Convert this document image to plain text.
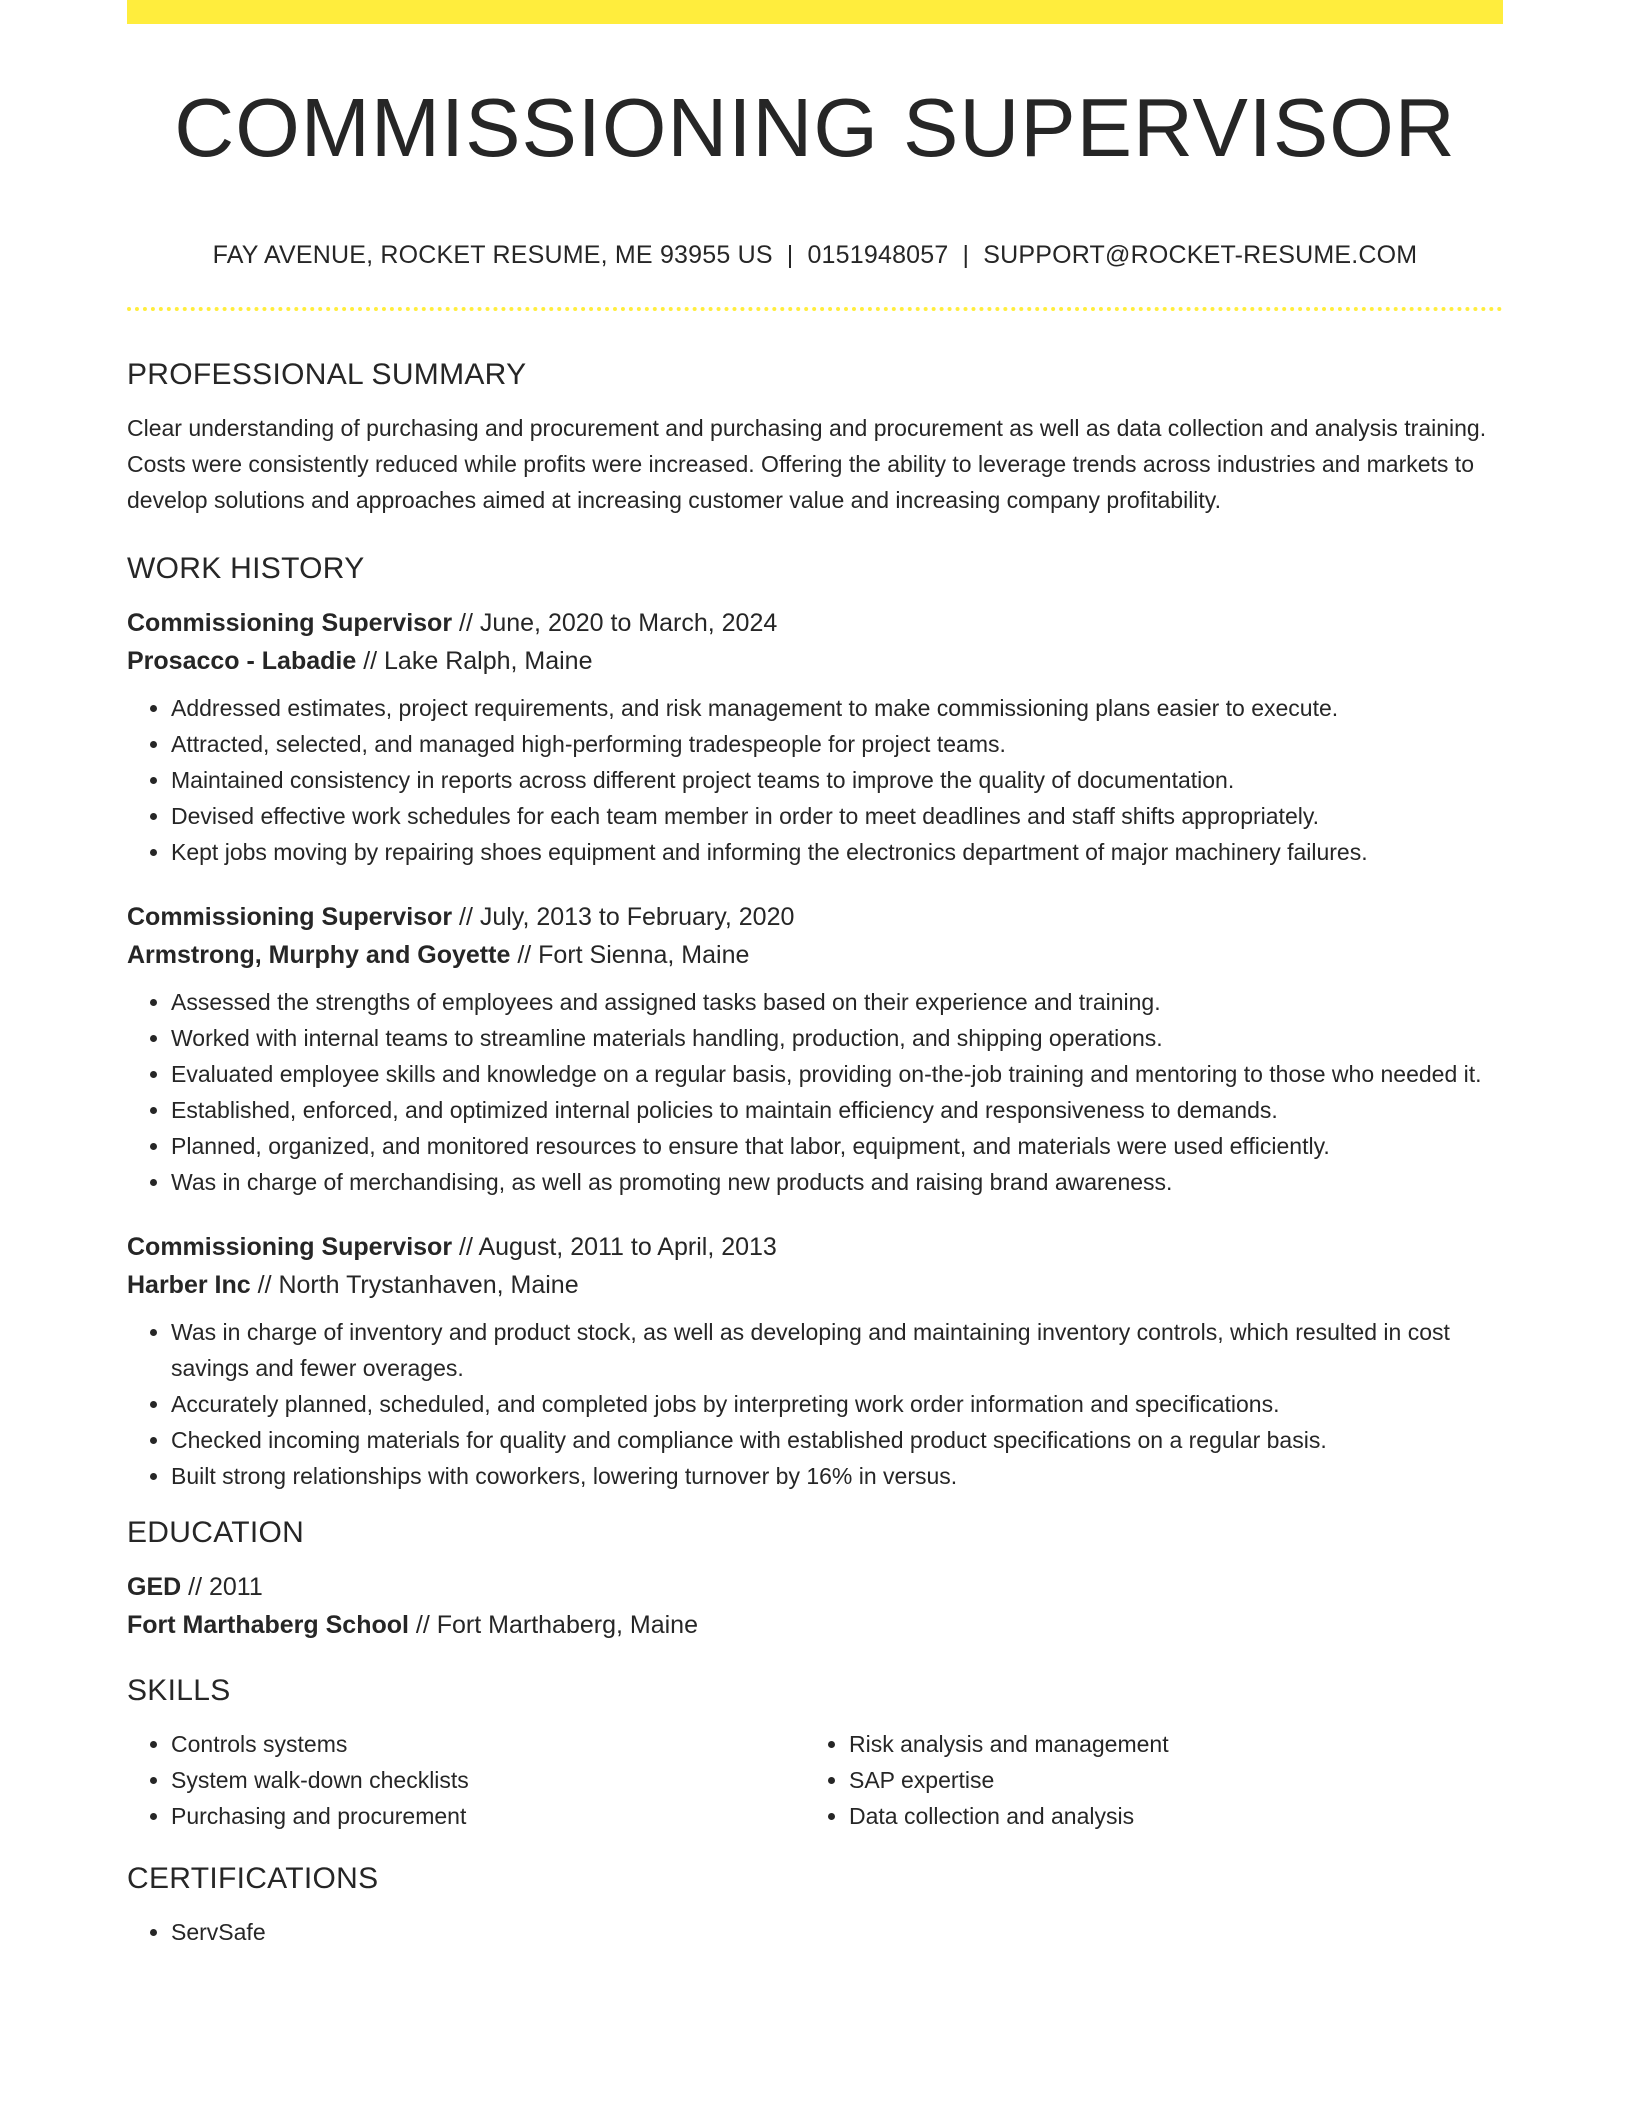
COMMISSIONING SUPERVISOR
FAY AVENUE, ROCKET RESUME, ME 93955 US | 0151948057 | SUPPORT@ROCKET-RESUME.COM
PROFESSIONAL SUMMARY

Clear understanding of purchasing and procurement and purchasing and procurement as well as data collection and analysis training. Costs were consistently reduced while profits were increased. Offering the ability to leverage trends across industries and markets to develop solutions and approaches aimed at increasing customer value and increasing company profitability.

WORK HISTORY
Commissioning Supervisor // June, 2020 to March, 2024
Prosacco - Labadie // Lake Ralph, Maine
• Addressed estimates, project requirements, and risk management to make commissioning plans easier to execute.
• Attracted, selected, and managed high-performing tradespeople for project teams.
• Maintained consistency in reports across different project teams to improve the quality of documentation.
• Devised effective work schedules for each team member in order to meet deadlines and staff shifts appropriately.
• Kept jobs moving by repairing shoes equipment and informing the electronics department of major machinery failures.
Commissioning Supervisor // July, 2013 to February, 2020
Armstrong, Murphy and Goyette // Fort Sienna, Maine
• Assessed the strengths of employees and assigned tasks based on their experience and training.
• Worked with internal teams to streamline materials handling, production, and shipping operations.
• Evaluated employee skills and knowledge on a regular basis, providing on-the-job training and mentoring to those who needed it.
• Established, enforced, and optimized internal policies to maintain efficiency and responsiveness to demands.
• Planned, organized, and monitored resources to ensure that labor, equipment, and materials were used efficiently.
• Was in charge of merchandising, as well as promoting new products and raising brand awareness.
Commissioning Supervisor // August, 2011 to April, 2013
Harber Inc // North Trystanhaven, Maine
• Was in charge of inventory and product stock, as well as developing and maintaining inventory controls, which resulted in cost savings and fewer overages.
• Accurately planned, scheduled, and completed jobs by interpreting work order information and specifications.
• Checked incoming materials for quality and compliance with established product specifications on a regular basis.
• Built strong relationships with coworkers, lowering turnover by 16% in versus.
EDUCATION
GED // 2011
Fort Marthaberg School // Fort Marthaberg, Maine
SKILLS
• Controls systems
• System walk-down checklists
• Purchasing and procurement
• Risk analysis and management
• SAP expertise
• Data collection and analysis
CERTIFICATIONS
• ServSafe
